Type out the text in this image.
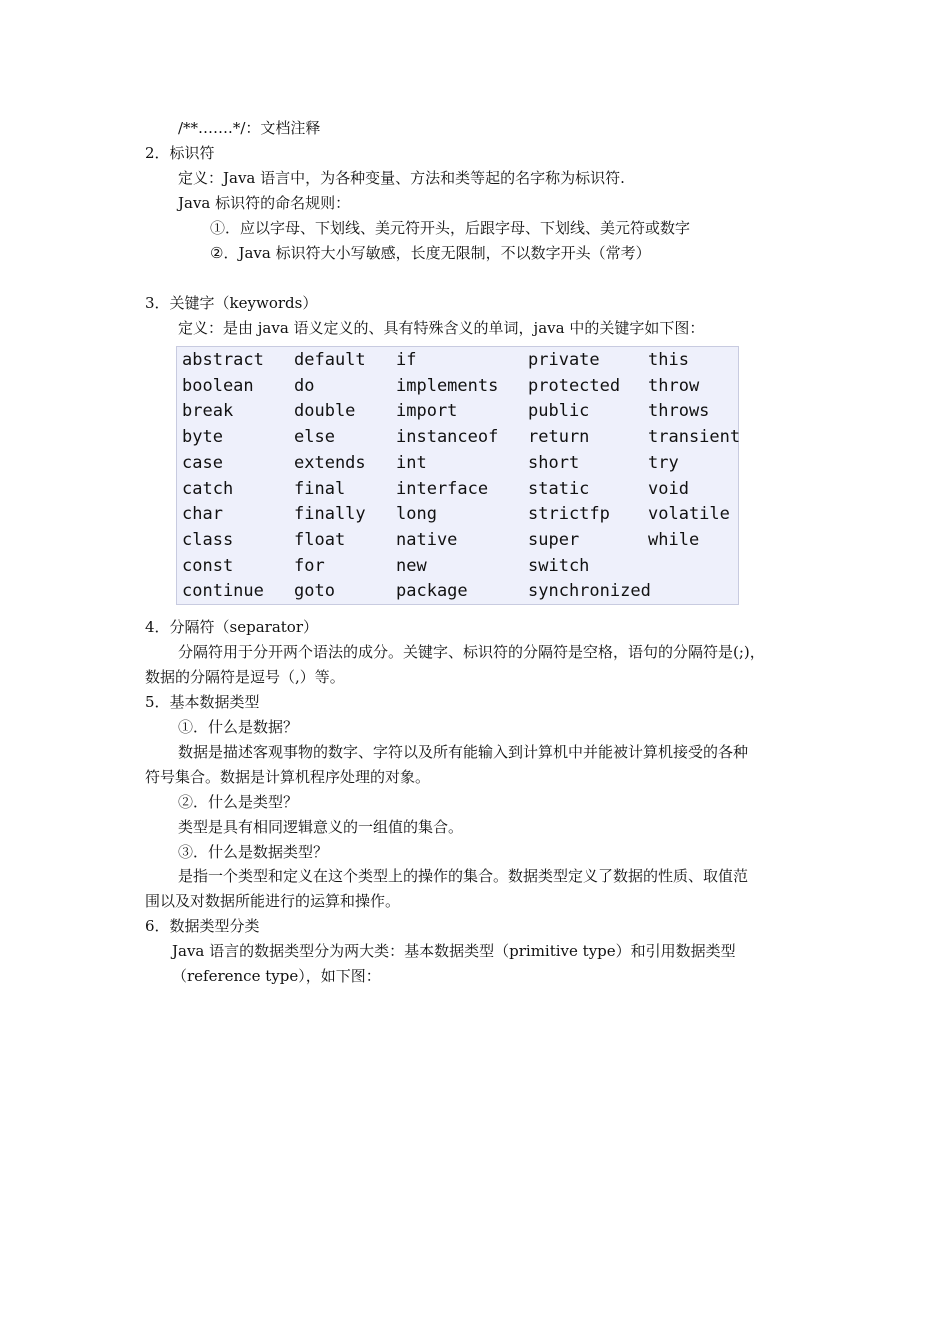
/**…….*/：文档注释
2．标识符
定义：Java 语言中，为各种变量、方法和类等起的名字称为标识符.
Java 标识符的命名规则：
①．应以字母、下划线、美元符开头，后跟字母、下划线、美元符或数字
②．Java 标识符大小写敏感，长度无限制，不以数字开头（常考）
3．关键字（keywords）
定义：是由 java 语义定义的、具有特殊含义的单词，java 中的关键字如下图：
abstract
boolean
break
byte
case
catch
char
class
const
continue
default
do
double
else
extends
final
finally
float
for
goto
if
implements
import
instanceof
int
interface
long
native
new
package
private
protected
public
return
short
static
strictfp
super
switch
synchronized
this
throw
throws
transient
try
void
volatile
while
4．分隔符（separator）
分隔符用于分开两个语法的成分。关键字、标识符的分隔符是空格，语句的分隔符是(;)，
数据的分隔符是逗号（,）等。
5．基本数据类型
①．什么是数据？
数据是描述客观事物的数字、字符以及所有能输入到计算机中并能被计算机接受的各种
符号集合。数据是计算机程序处理的对象。
②．什么是类型？
类型是具有相同逻辑意义的一组值的集合。
③．什么是数据类型？
是指一个类型和定义在这个类型上的操作的集合。数据类型定义了数据的性质、取值范
围以及对数据所能进行的运算和操作。
6．数据类型分类
Java 语言的数据类型分为两大类：基本数据类型（primitive type）和引用数据类型
（reference type），如下图：
